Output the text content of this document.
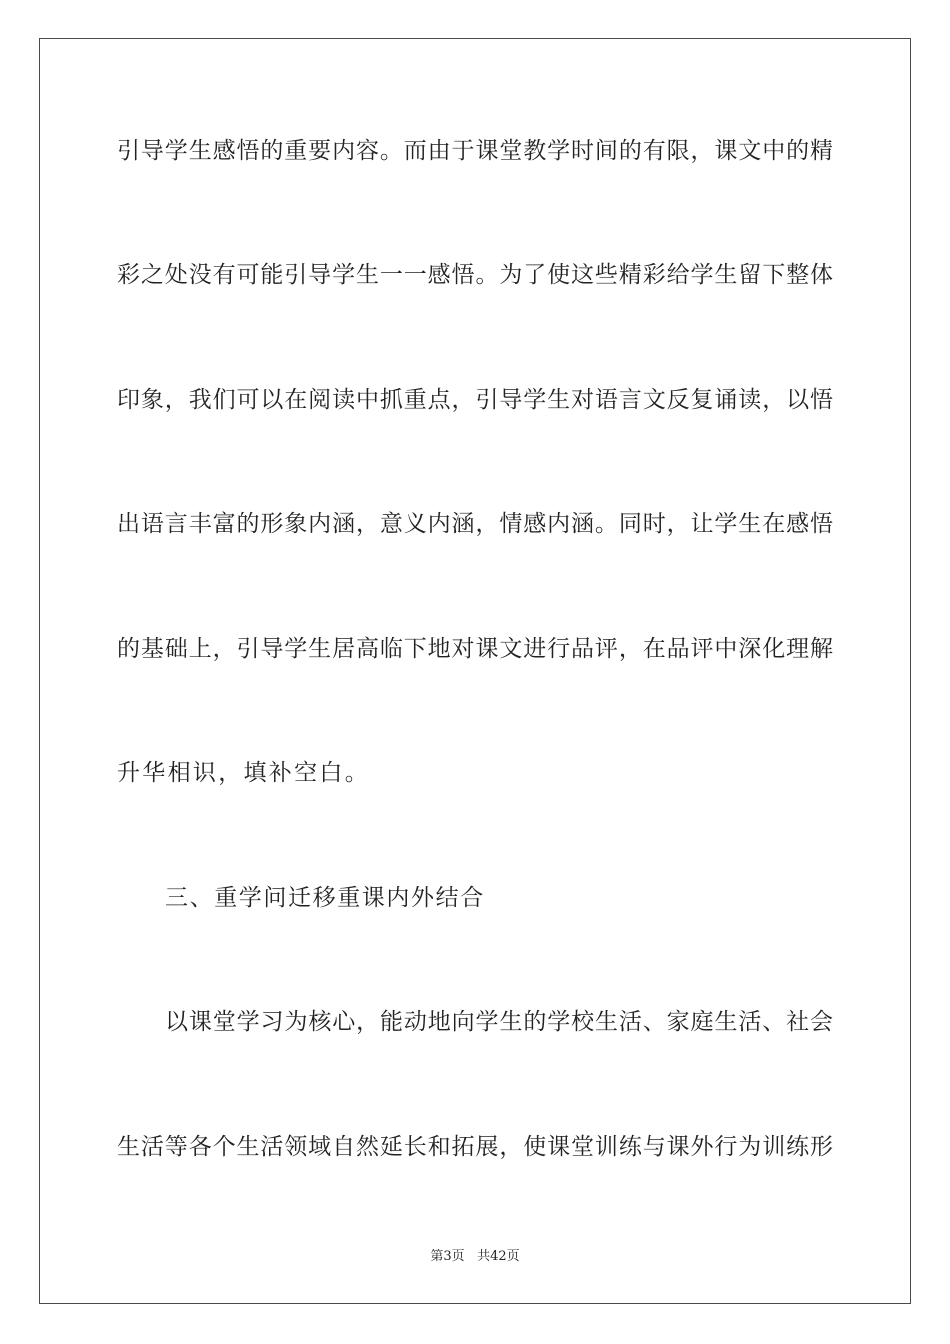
引导学生感悟的重要内容。而由于课堂教学时间的有限，课文中的精
彩之处没有可能引导学生一一感悟。为了使这些精彩给学生留下整体
印象，我们可以在阅读中抓重点，引导学生对语言文反复诵读，以悟
出语言丰富的形象内涵，意义内涵，情感内涵。同时，让学生在感悟
的基础上，引导学生居高临下地对课文进行品评，在品评中深化理解
升华相识，填补空白。
三、重学问迁移重课内外结合
以课堂学习为核心，能动地向学生的学校生活、家庭生活、社会
生活等各个生活领域自然延长和拓展，使课堂训练与课外行为训练形
第3页 共42页
